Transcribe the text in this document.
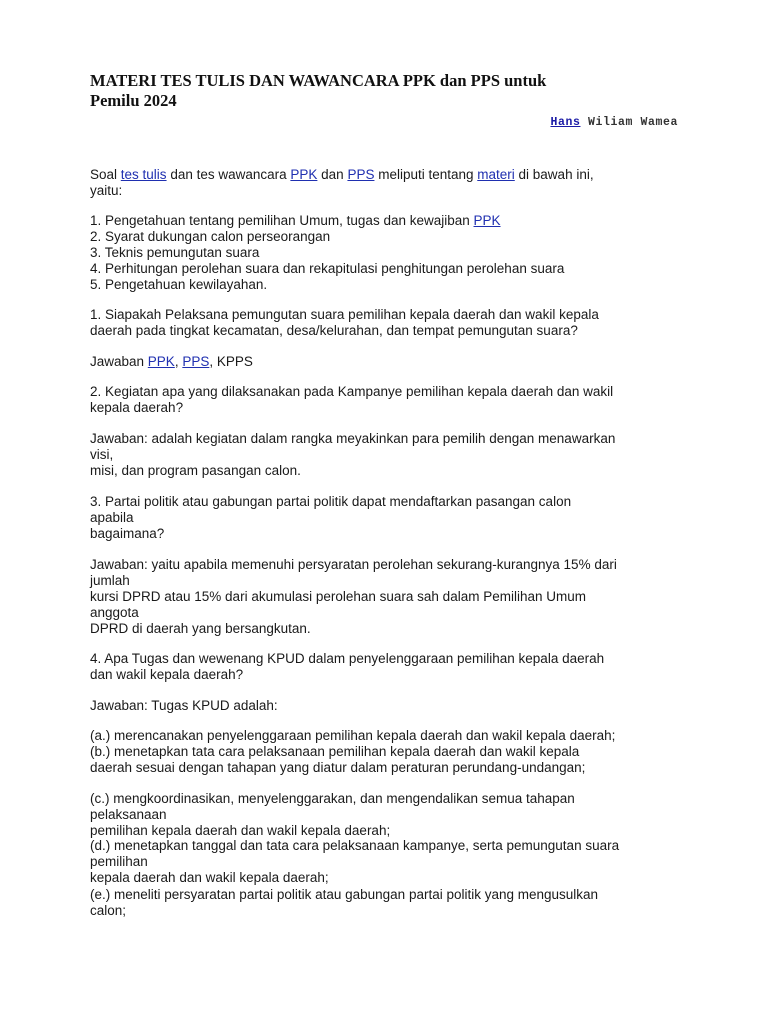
MATERI TES TULIS DAN WAWANCARA PPK dan PPS untuk
Pemilu 2024
Hans Wiliam Wamea
Soal tes tulis dan tes wawancara PPK dan PPS meliputi tentang materi di bawah ini,
yaitu:
1. Pengetahuan tentang pemilihan Umum, tugas dan kewajiban PPK
2. Syarat dukungan calon perseorangan
3. Teknis pemungutan suara
4. Perhitungan perolehan suara dan rekapitulasi penghitungan perolehan suara
5. Pengetahuan kewilayahan.
1. Siapakah Pelaksana pemungutan suara pemilihan kepala daerah dan wakil kepala
daerah pada tingkat kecamatan, desa/kelurahan, dan tempat pemungutan suara?
Jawaban PPK, PPS, KPPS
2. Kegiatan apa yang dilaksanakan pada Kampanye pemilihan kepala daerah dan wakil
kepala daerah?
Jawaban: adalah kegiatan dalam rangka meyakinkan para pemilih dengan menawarkan
visi,
misi, dan program pasangan calon.
3. Partai politik atau gabungan partai politik dapat mendaftarkan pasangan calon
apabila
bagaimana?
Jawaban: yaitu apabila memenuhi persyaratan perolehan sekurang-kurangnya 15% dari
jumlah
kursi DPRD atau 15% dari akumulasi perolehan suara sah dalam Pemilihan Umum
anggota
DPRD di daerah yang bersangkutan.
4. Apa Tugas dan wewenang KPUD dalam penyelenggaraan pemilihan kepala daerah
dan wakil kepala daerah?
Jawaban: Tugas KPUD adalah:
(a.) merencanakan penyelenggaraan pemilihan kepala daerah dan wakil kepala daerah;
(b.) menetapkan tata cara pelaksanaan pemilihan kepala daerah dan wakil kepala
daerah sesuai dengan tahapan yang diatur dalam peraturan perundang-undangan;
(c.) mengkoordinasikan, menyelenggarakan, dan mengendalikan semua tahapan
pelaksanaan
pemilihan kepala daerah dan wakil kepala daerah;
(d.) menetapkan tanggal dan tata cara pelaksanaan kampanye, serta pemungutan suara
pemilihan
kepala daerah dan wakil kepala daerah;
(e.) meneliti persyaratan partai politik atau gabungan partai politik yang mengusulkan
calon;
